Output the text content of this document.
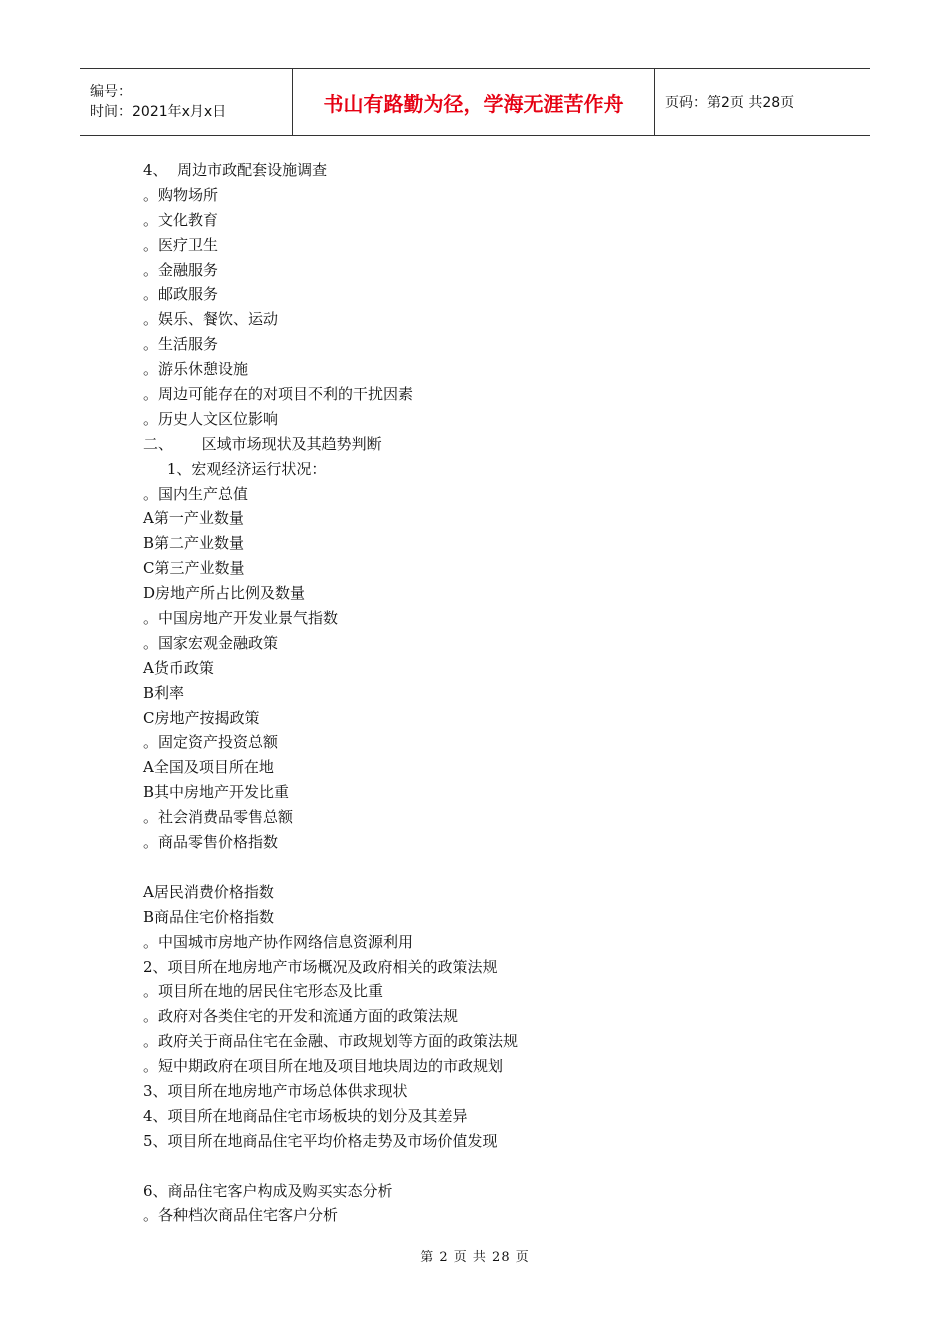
编号：
时间：2021年x月x日	书山有路勤为径，学海无涯苦作舟	页码：第2页 共28页
4、  周边市政配套设施调查
。购物场所
。文化教育
。医疗卫生
。金融服务
。邮政服务
。娱乐、餐饮、运动
。生活服务
。游乐休憩设施
。周边可能存在的对项目不利的干扰因素
。历史人文区位影响
二、      区域市场现状及其趋势判断
1、宏观经济运行状况：
。国内生产总值
A第一产业数量
B第二产业数量
C第三产业数量
D房地产所占比例及数量
。中国房地产开发业景气指数
。国家宏观金融政策
A货币政策
B利率
C房地产按揭政策
。固定资产投资总额
A全国及项目所在地
B其中房地产开发比重
。社会消费品零售总额
。商品零售价格指数
A居民消费价格指数
B商品住宅价格指数
。中国城市房地产协作网络信息资源利用
2、项目所在地房地产市场概况及政府相关的政策法规
。项目所在地的居民住宅形态及比重
。政府对各类住宅的开发和流通方面的政策法规
。政府关于商品住宅在金融、市政规划等方面的政策法规
。短中期政府在项目所在地及项目地块周边的市政规划
3、项目所在地房地产市场总体供求现状
4、项目所在地商品住宅市场板块的划分及其差异
5、项目所在地商品住宅平均价格走势及市场价值发现
6、商品住宅客户构成及购买实态分析
。各种档次商品住宅客户分析
第 2 页 共 28 页
